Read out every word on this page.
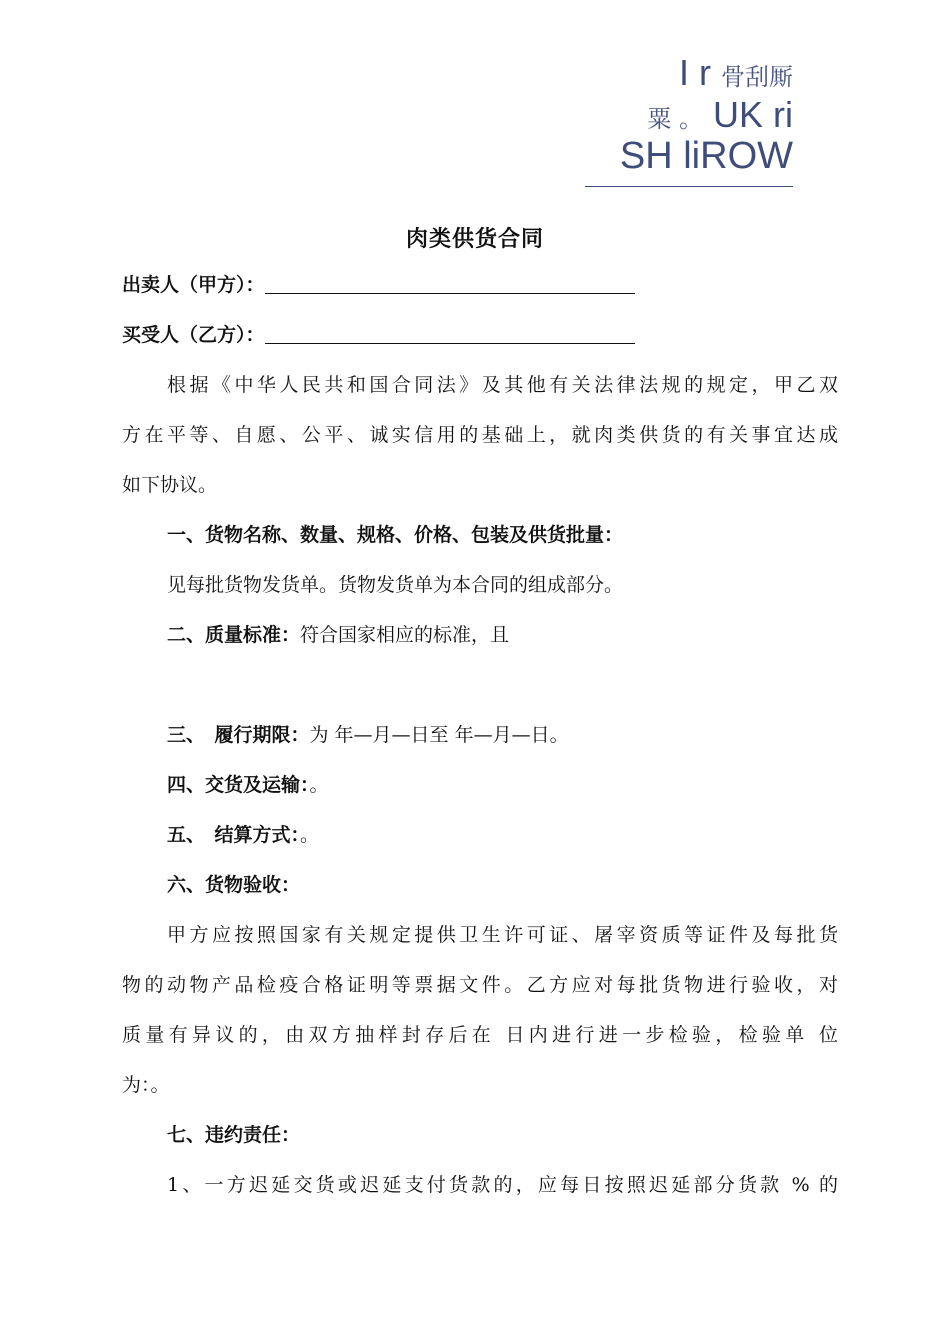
I r 骨刮厮
粟 。 UK ri
SH liROW
肉类供货合同
出卖人（甲方）：
买受人（乙方）：
根据《中华人民共和国合同法》及其他有关法律法规的规定，甲乙双
方在平等、自愿、公平、诚实信用的基础上，就肉类供货的有关事宜达成
如下协议。
一、货物名称、数量、规格、价格、包装及供货批量：
见每批货物发货单。货物发货单为本合同的组成部分。
二、质量标准：符合国家相应的标准，且
三、　履行期限：为 年—月—日至 年—月—日。
四、交货及运输：。
五、　结算方式：。
六、货物验收：
甲方应按照国家有关规定提供卫生许可证、屠宰资质等证件及每批货
物的动物产品检疫合格证明等票据文件。乙方应对每批货物进行验收，对
质量有异议的，由双方抽样封存后在 日内进行进一步检验，检验单 位
为：。
七、违约责任：
1、一方迟延交货或迟延支付货款的，应每日按照迟延部分货款 % 的
